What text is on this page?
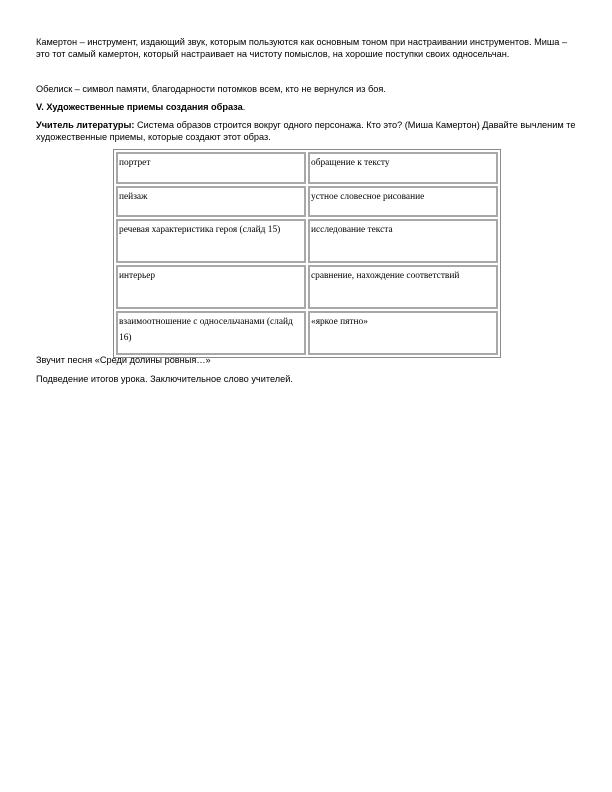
Камертон – инструмент, издающий звук, которым пользуются как основным тоном при настраивании инструментов. Миша – это тот самый камертон, который настраивает на чистоту помыслов, на хорошие поступки своих односельчан.

Обелиск – символ памяти, благодарности потомков всем, кто не вернулся из боя.

V. Художественные приемы создания образа.

Учитель литературы: Система образов строится вокруг одного персонажа. Кто это? (Миша Камертон) Давайте вычленим те художественные приемы, которые создают этот образ.

портрет	обращение к тексту
пейзаж	устное словесное рисование
речевая характеристика героя (слайд 15)	исследование текста
интерьер	сравнение, нахождение соответствий
взаимоотношение с односельчанами (слайд 16)	«яркое пятно»

Звучит песня «Среди долины ровныя…»

Подведение итогов урока. Заключительное слово учителей.
